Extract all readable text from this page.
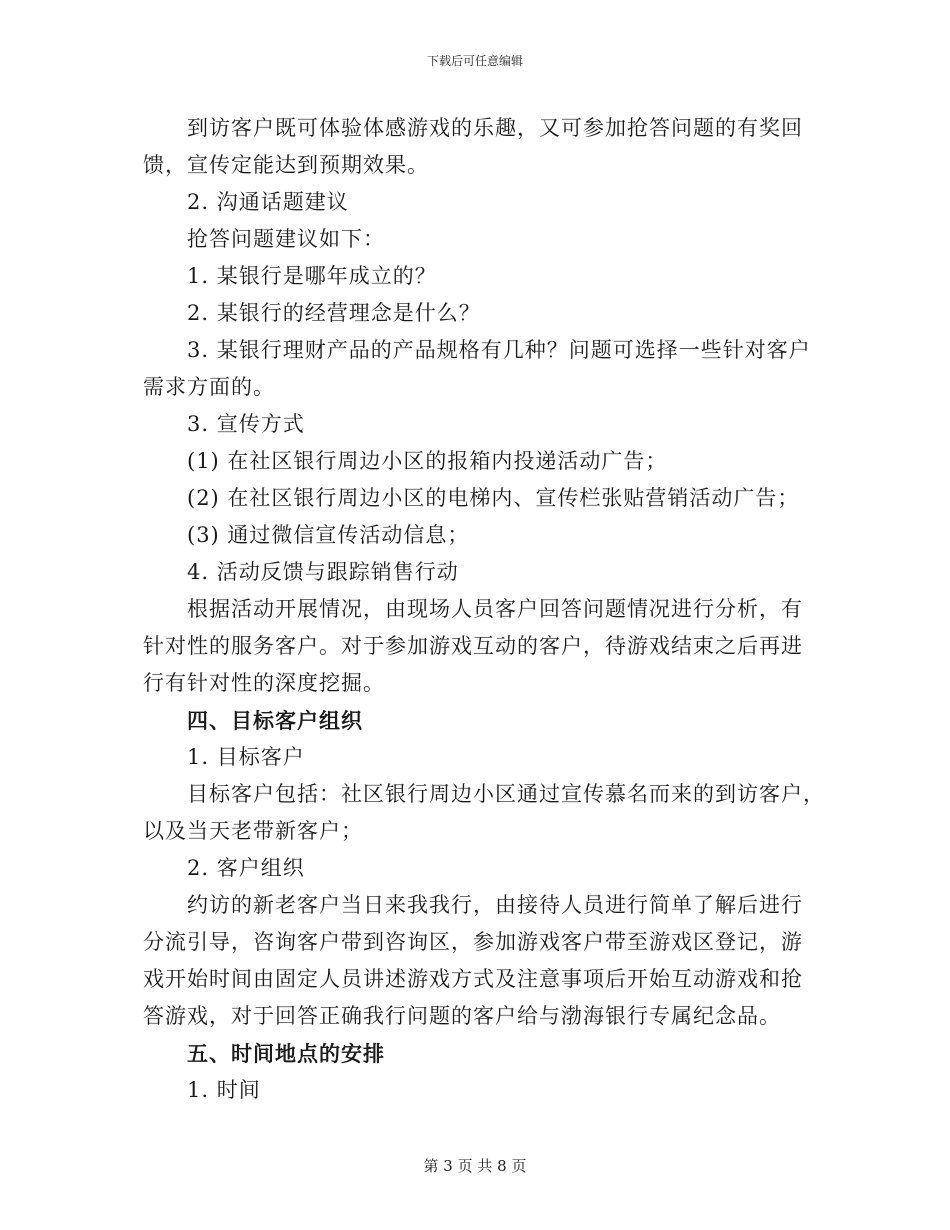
下载后可任意编辑

到访客户既可体验体感游戏的乐趣，又可参加抢答问题的有奖回

馈，宣传定能达到预期效果。

2. 沟通话题建议

抢答问题建议如下：

1. 某银行是哪年成立的？

2. 某银行的经营理念是什么？

3. 某银行理财产品的产品规格有几种？问题可选择一些针对客户

需求方面的。

3. 宣传方式

(1) 在社区银行周边小区的报箱内投递活动广告；

(2) 在社区银行周边小区的电梯内、宣传栏张贴营销活动广告；

(3) 通过微信宣传活动信息；

4. 活动反馈与跟踪销售行动

根据活动开展情况，由现场人员客户回答问题情况进行分析，有

针对性的服务客户。对于参加游戏互动的客户，待游戏结束之后再进

行有针对性的深度挖掘。

四、目标客户组织

1. 目标客户

目标客户包括：社区银行周边小区通过宣传慕名而来的到访客户，

以及当天老带新客户；

2. 客户组织

约访的新老客户当日来我我行，由接待人员进行简单了解后进行

分流引导，咨询客户带到咨询区，参加游戏客户带至游戏区登记，游

戏开始时间由固定人员讲述游戏方式及注意事项后开始互动游戏和抢

答游戏，对于回答正确我行问题的客户给与渤海银行专属纪念品。

五、时间地点的安排

1. 时间

第 3 页 共 8 页
